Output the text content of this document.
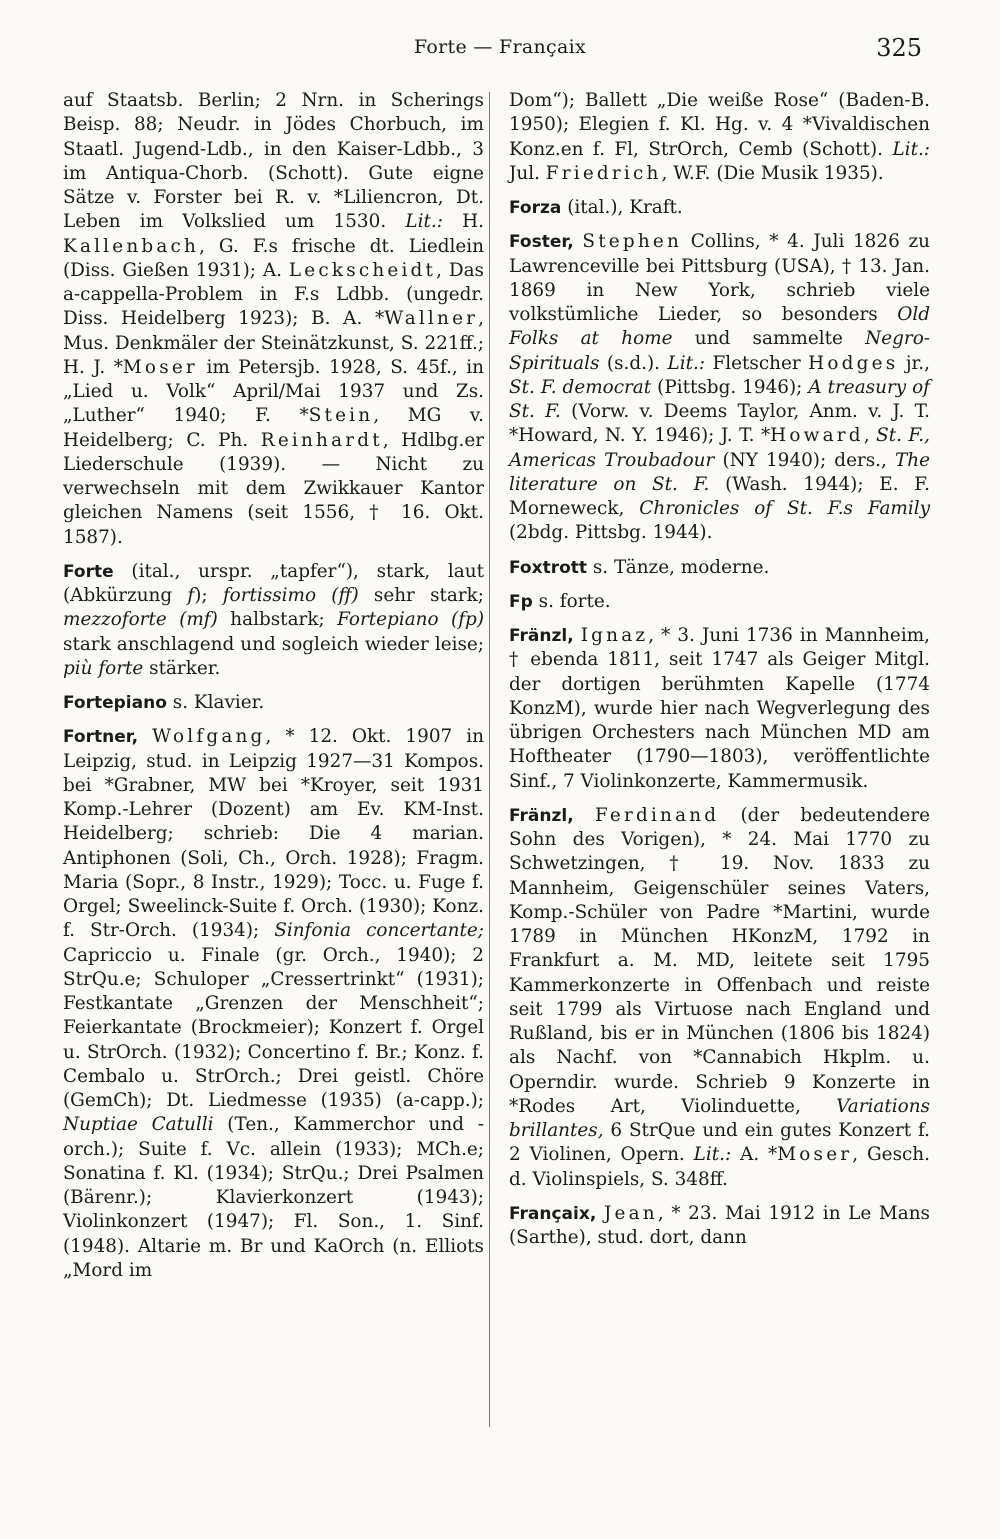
Forte — Françaix	325

auf Staatsb. Berlin; 2 Nrn. in Scherings Beisp. 88; Neudr. in Jödes Chorbuch, im Staatl. Jugend-Ldb., in den Kaiser-Ldbb., 3 im Antiqua-Chorb. (Schott). Gute eigne Sätze v. Forster bei R. v. *Liliencron, Dt. Leben im Volkslied um 1530. Lit.: H. Kallenbach, G. F.s frische dt. Liedlein (Diss. Gießen 1931); A. Leckscheidt, Das a-cappella-Problem in F.s Ldbb. (ungedr. Diss. Heidelberg 1923); B. A. *Wallner, Mus. Denkmäler der Steinätzkunst, S. 221ff.; H. J. *Moser im Petersjb. 1928, S. 45f., in „Lied u. Volk“ April/Mai 1937 und Zs. „Luther“ 1940; F. *Stein, MG v. Heidelberg; C. Ph. Reinhardt, Hdlbg.er Liederschule (1939). — Nicht zu verwechseln mit dem Zwikkauer Kantor gleichen Namens (seit 1556, † 16. Okt. 1587).

Forte (ital., urspr. „tapfer“), stark, laut (Abkürzung f); fortissimo (ff) sehr stark; mezzoforte (mf) halbstark; Fortepiano (fp) stark anschlagend und sogleich wieder leise; più forte stärker.

Fortepiano s. Klavier.

Fortner, Wolfgang, * 12. Okt. 1907 in Leipzig, stud. in Leipzig 1927—31 Kompos. bei *Grabner, MW bei *Kroyer, seit 1931 Komp.-Lehrer (Dozent) am Ev. KM-Inst. Heidelberg; schrieb: Die 4 marian. Antiphonen (Soli, Ch., Orch. 1928); Fragm. Maria (Sopr., 8 Instr., 1929); Tocc. u. Fuge f. Orgel; Sweelinck-Suite f. Orch. (1930); Konz. f. Str-Orch. (1934); Sinfonia concertante; Capriccio u. Finale (gr. Orch., 1940); 2 StrQu.e; Schuloper „Cressertrinkt“ (1931); Festkantate „Grenzen der Menschheit“; Feierkantate (Brockmeier); Konzert f. Orgel u. StrOrch. (1932); Concertino f. Br.; Konz. f. Cembalo u. StrOrch.; Drei geistl. Chöre (GemCh); Dt. Liedmesse (1935) (a-capp.); Nuptiae Catulli (Ten., Kammerchor und -orch.); Suite f. Vc. allein (1933); MCh.e; Sonatina f. Kl. (1934); StrQu.; Drei Psalmen (Bärenr.); Klavierkonzert (1943); Violinkonzert (1947); Fl. Son., 1. Sinf. (1948). Altarie m. Br und KaOrch (n. Elliots „Mord im

Dom“); Ballett „Die weiße Rose“ (Baden-B. 1950); Elegien f. Kl. Hg. v. 4 *Vivaldischen Konz.en f. Fl, StrOrch, Cemb (Schott). Lit.: Jul. Friedrich, W.F. (Die Musik 1935).

Forza (ital.), Kraft.

Foster, Stephen Collins, * 4. Juli 1826 zu Lawrenceville bei Pittsburg (USA), † 13. Jan. 1869 in New York, schrieb viele volkstümliche Lieder, so besonders Old Folks at home und sammelte Negro-Spirituals (s.d.). Lit.: Fletscher Hodges jr., St. F. democrat (Pittsbg. 1946); A treasury of St. F. (Vorw. v. Deems Taylor, Anm. v. J. T. *Howard, N. Y. 1946); J. T. *Howard, St. F., Americas Troubadour (NY 1940); ders., The literature on St. F. (Wash. 1944); E. F. Morneweck, Chronicles of St. F.s Family (2bdg. Pittsbg. 1944).

Foxtrott s. Tänze, moderne.

Fp s. forte.

Fränzl, Ignaz, * 3. Juni 1736 in Mannheim, † ebenda 1811, seit 1747 als Geiger Mitgl. der dortigen berühmten Kapelle (1774 KonzM), wurde hier nach Wegverlegung des übrigen Orchesters nach München MD am Hoftheater (1790—1803), veröffentlichte Sinf., 7 Violinkonzerte, Kammermusik.

Fränzl, Ferdinand (der bedeutendere Sohn des Vorigen), * 24. Mai 1770 zu Schwetzingen, † 19. Nov. 1833 zu Mannheim, Geigenschüler seines Vaters, Komp.-Schüler von Padre *Martini, wurde 1789 in München HKonzM, 1792 in Frankfurt a. M. MD, leitete seit 1795 Kammerkonzerte in Offenbach und reiste seit 1799 als Virtuose nach England und Rußland, bis er in München (1806 bis 1824) als Nachf. von *Cannabich Hkplm. u. Operndir. wurde. Schrieb 9 Konzerte in *Rodes Art, Violinduette, Variations brillantes, 6 StrQue und ein gutes Konzert f. 2 Violinen, Opern. Lit.: A. *Moser, Gesch. d. Violinspiels, S. 348ff.

Françaix, Jean, * 23. Mai 1912 in Le Mans (Sarthe), stud. dort, dann
